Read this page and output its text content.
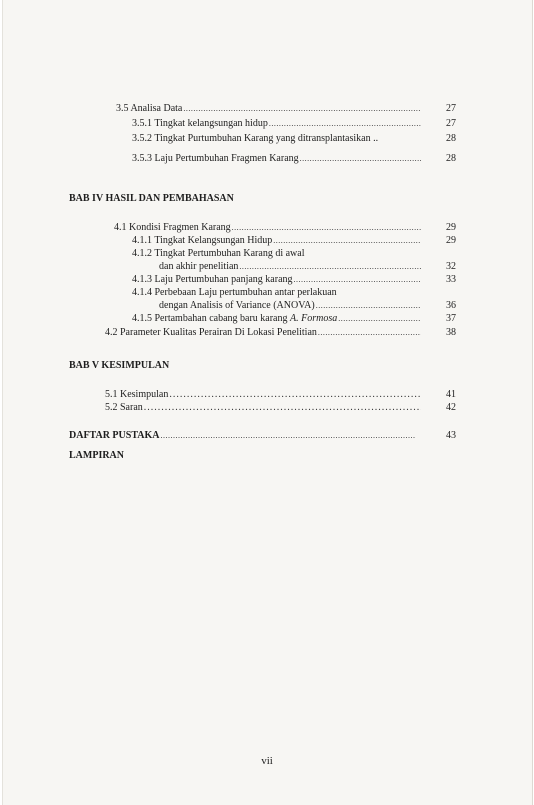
3.5 Analisa Data .....	27
3.5.1 Tingkat kelangsungan hidup .....	27
3.5.2 Tingkat Purtumbuhan Karang yang ditransplantasikan ..	28
3.5.3 Laju Pertumbuhan Fragmen Karang .....	28
BAB IV HASIL DAN PEMBAHASAN
4.1 Kondisi Fragmen Karang .....	29
4.1.1 Tingkat Kelangsungan Hidup .....	29
4.1.2 Tingkat Pertumbuhan Karang di awal
dan akhir penelitian .....	32
4.1.3 Laju Pertumbuhan panjang karang .....	33
4.1.4 Perbebaan Laju pertumbuhan antar perlakuan
dengan Analisis of Variance (ANOVA) .....	36
4.1.5 Pertambahan cabang baru karang A. Formosa .....	37
4.2 Parameter Kualitas Perairan Di Lokasi Penelitian .....	38
BAB V KESIMPULAN
5.1 Kesimpulan .....	41
5.2 Saran .....	42
DAFTAR PUSTAKA .....	43
LAMPIRAN
vii
